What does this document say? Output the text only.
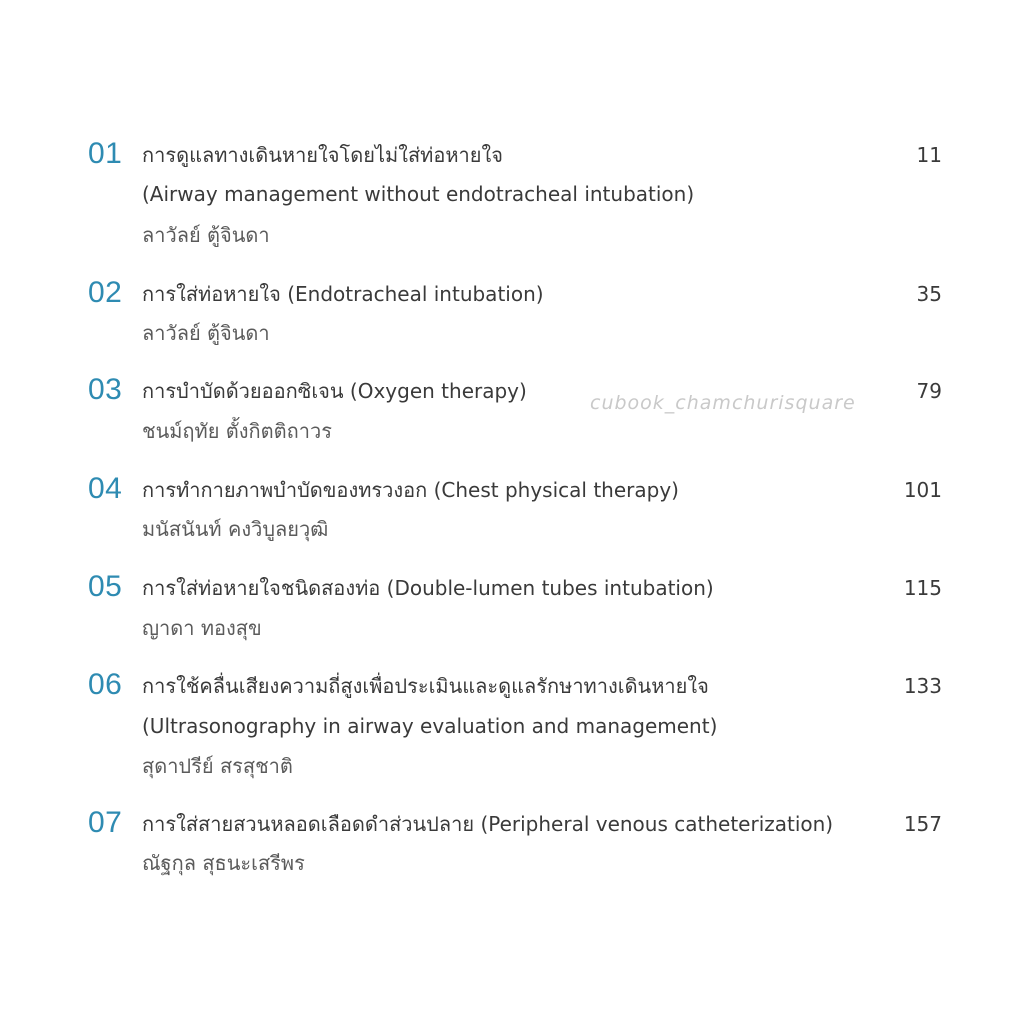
01 การดูแลทางเดินหายใจโดยไม่ใส่ท่อหายใจ
(Airway management without endotracheal intubation)
ลาวัลย์ ตู้จินดา
11
02 การใส่ท่อหายใจ (Endotracheal intubation)
ลาวัลย์ ตู้จินดา
35
03 การบำบัดด้วยออกซิเจน (Oxygen therapy)
ชนม์ฤทัย ตั้งกิตติถาวร
79
04 การทำกายภาพบำบัดของทรวงอก (Chest physical therapy)
มนัสนันท์ คงวิบูลยวุฒิ
101
05 การใส่ท่อหายใจชนิดสองท่อ (Double-lumen tubes intubation)
ญาดา ทองสุข
115
06 การใช้คลื่นเสียงความถี่สูงเพื่อประเมินและดูแลรักษาทางเดินหายใจ
(Ultrasonography in airway evaluation and management)
สุดาปรีย์ สรสุชาติ
133
07 การใส่สายสวนหลอดเลือดดำส่วนปลาย (Peripheral venous catheterization)
ณัฐกุล สุธนะเสรีพร
157
cubook_chamchurisquare
